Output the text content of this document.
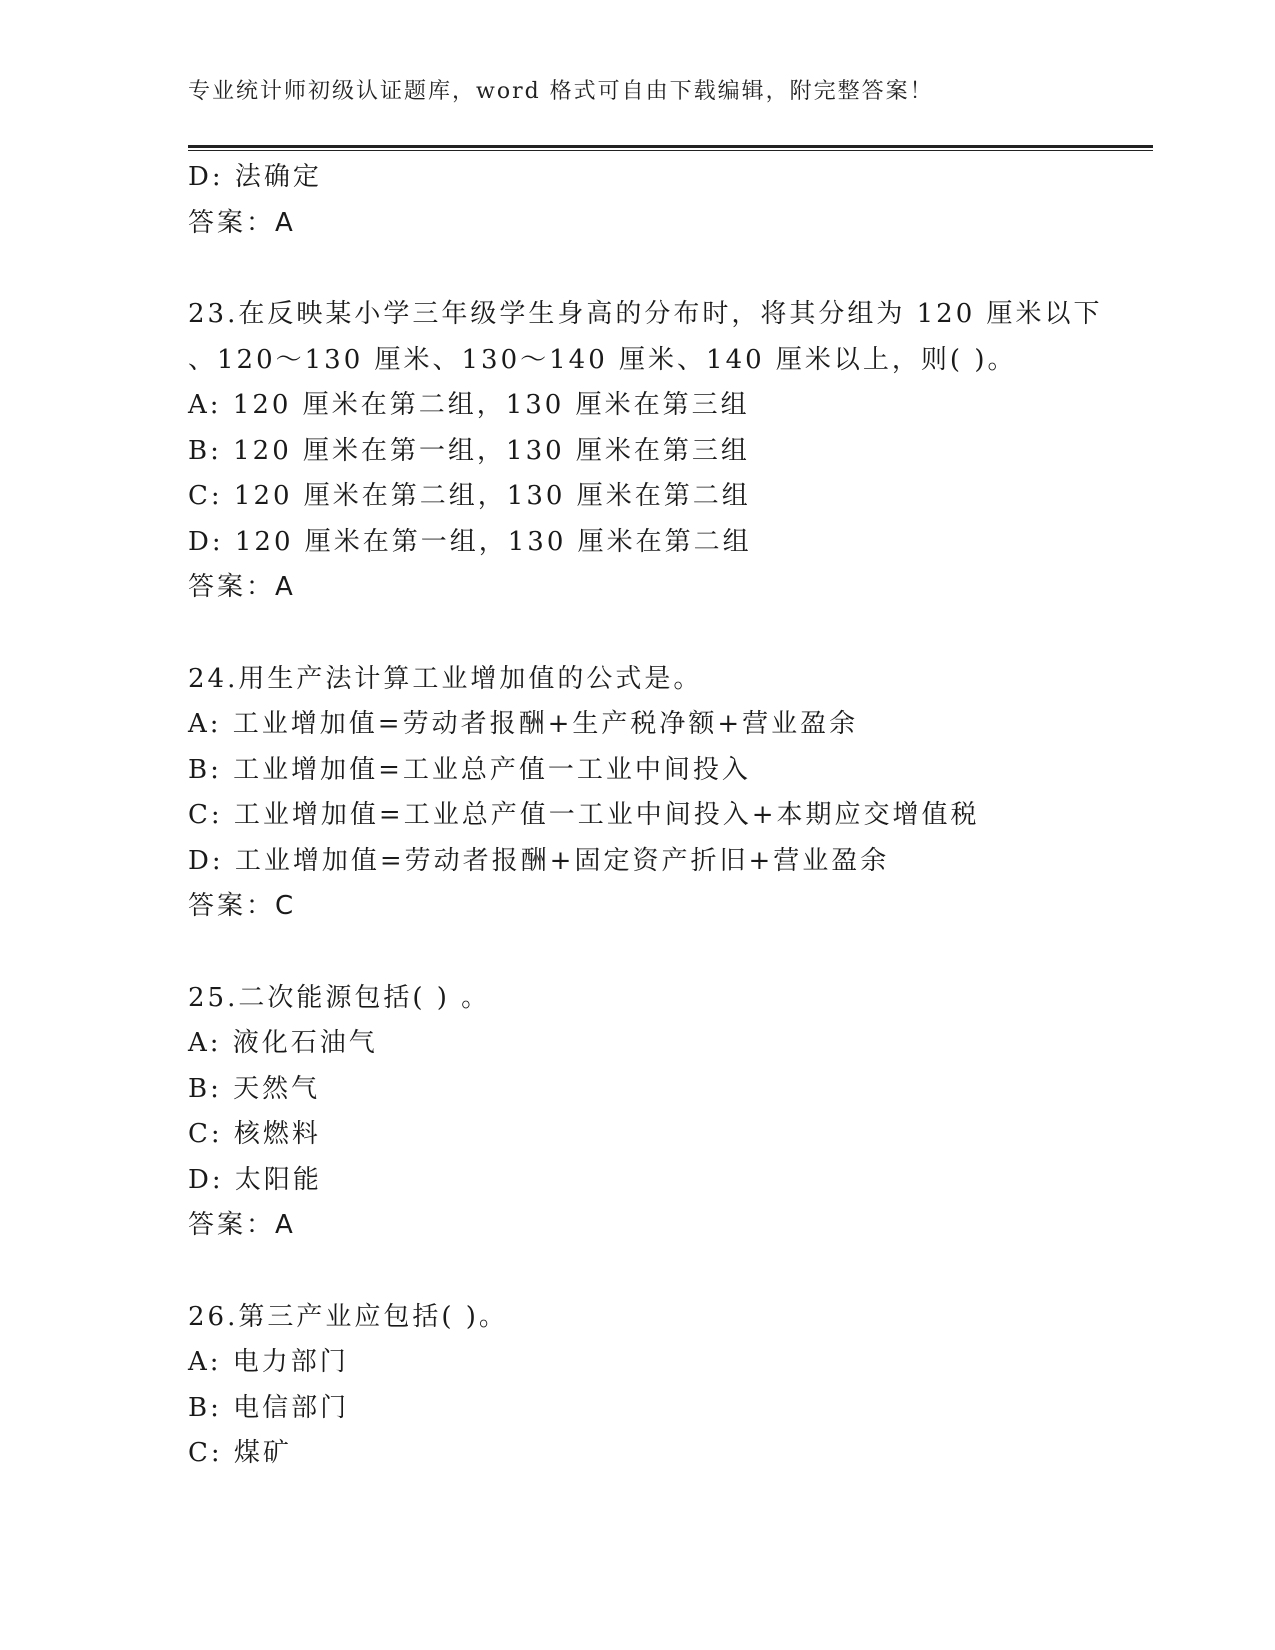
专业统计师初级认证题库，word 格式可自由下载编辑，附完整答案！
D: 法确定
答案：A
23.在反映某小学三年级学生身高的分布时，将其分组为 120 厘米以下
、120～130 厘米、130～140 厘米、140 厘米以上，则( )。
A: 120 厘米在第二组，130 厘米在第三组
B: 120 厘米在第一组，130 厘米在第三组
C: 120 厘米在第二组，130 厘米在第二组
D: 120 厘米在第一组，130 厘米在第二组
答案：A
24.用生产法计算工业增加值的公式是。
A: 工业增加值=劳动者报酬+生产税净额+营业盈余
B: 工业增加值=工业总产值一工业中间投入
C: 工业增加值=工业总产值一工业中间投入+本期应交增值税
D: 工业增加值=劳动者报酬+固定资产折旧+营业盈余
答案：C
25.二次能源包括( ) 。
A: 液化石油气
B: 天然气
C: 核燃料
D: 太阳能
答案：A
26.第三产业应包括( )。
A: 电力部门
B: 电信部门
C: 煤矿
